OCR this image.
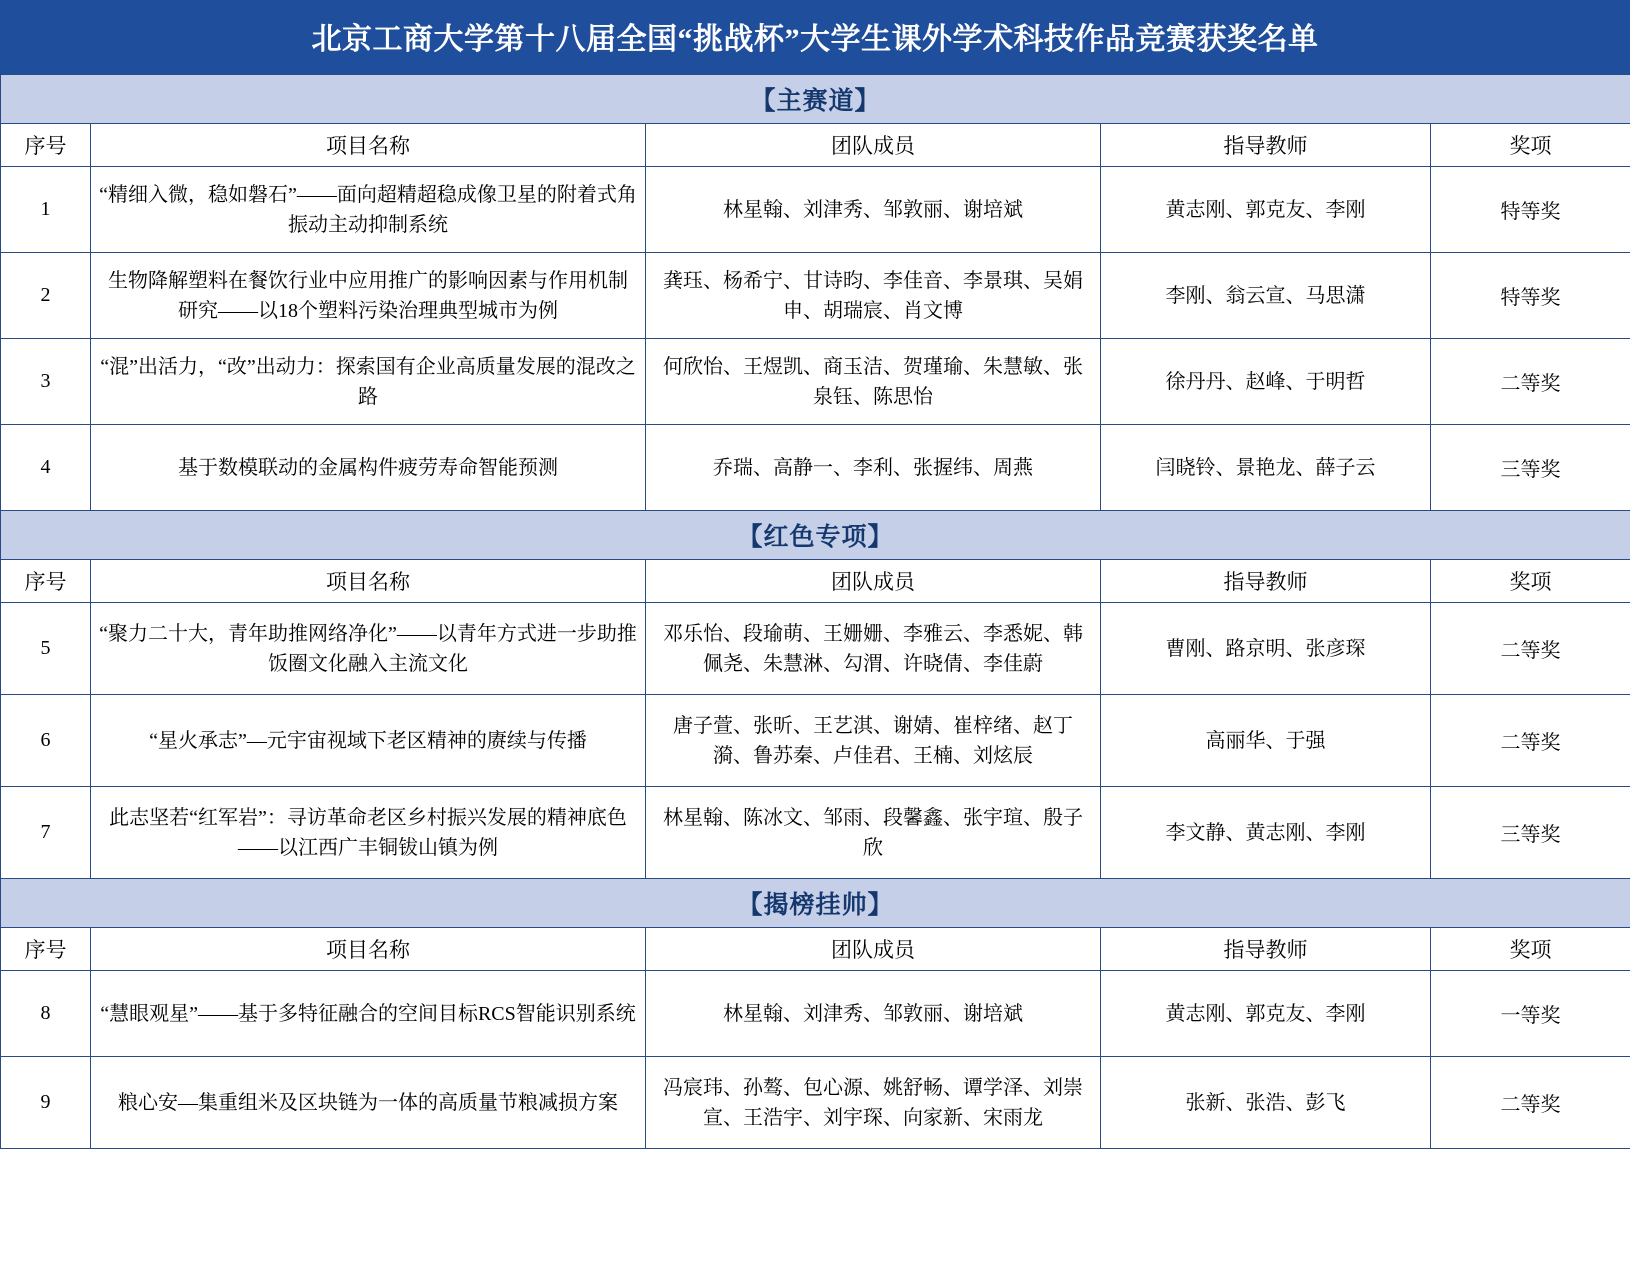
北京工商大学第十八届全国“挑战杯”大学生课外学术科技作品竞赛获奖名单
【主赛道】				
序号	项目名称	团队成员	指导教师	奖项
1	“精细入微，稳如磐石”——面向超精超稳成像卫星的附着式角振动主动抑制系统	林星翰、刘津秀、邹敦丽、谢培斌	黄志刚、郭克友、李刚	特等奖
2	生物降解塑料在餐饮行业中应用推广的影响因素与作用机制研究——以18个塑料污染治理典型城市为例	龚珏、杨希宁、甘诗昀、李佳音、李景琪、吴娟申、胡瑞宸、肖文博	李刚、翁云宣、马思潇	特等奖
3	“混”出活力，“改”出动力：探索国有企业高质量发展的混改之路	何欣怡、王煜凯、商玉洁、贺瑾瑜、朱慧敏、张泉钰、陈思怡	徐丹丹、赵峰、于明哲	二等奖
4	基于数模联动的金属构件疲劳寿命智能预测	乔瑞、高静一、李利、张握纬、周燕	闫晓铃、景艳龙、薛子云	三等奖
【红色专项】				
序号	项目名称	团队成员	指导教师	奖项
5	“聚力二十大，青年助推网络净化”——以青年方式进一步助推饭圈文化融入主流文化	邓乐怡、段瑜萌、王姗姗、李雅云、李悉妮、韩佩尧、朱慧淋、勾渭、许晓倩、李佳蔚	曹刚、路京明、张彦琛	二等奖
6	“星火承志”—元宇宙视域下老区精神的赓续与传播	唐子萱、张昕、王艺淇、谢婧、崔梓绪、赵丁漪、鲁苏秦、卢佳君、王楠、刘炫辰	高丽华、于强	二等奖
7	此志坚若“红军岩”：寻访革命老区乡村振兴发展的精神底色——以江西广丰铜钹山镇为例	林星翰、陈冰文、邹雨、段馨鑫、张宇瑄、殷子欣	李文静、黄志刚、李刚	三等奖
【揭榜挂帅】				
序号	项目名称	团队成员	指导教师	奖项
8	“慧眼观星”——基于多特征融合的空间目标RCS智能识别系统	林星翰、刘津秀、邹敦丽、谢培斌	黄志刚、郭克友、李刚	一等奖
9	粮心安—集重组米及区块链为一体的高质量节粮减损方案	冯宸玮、孙骜、包心源、姚舒畅、谭学泽、刘崇宣、王浩宇、刘宇琛、向家新、宋雨龙	张新、张浩、彭飞	二等奖
